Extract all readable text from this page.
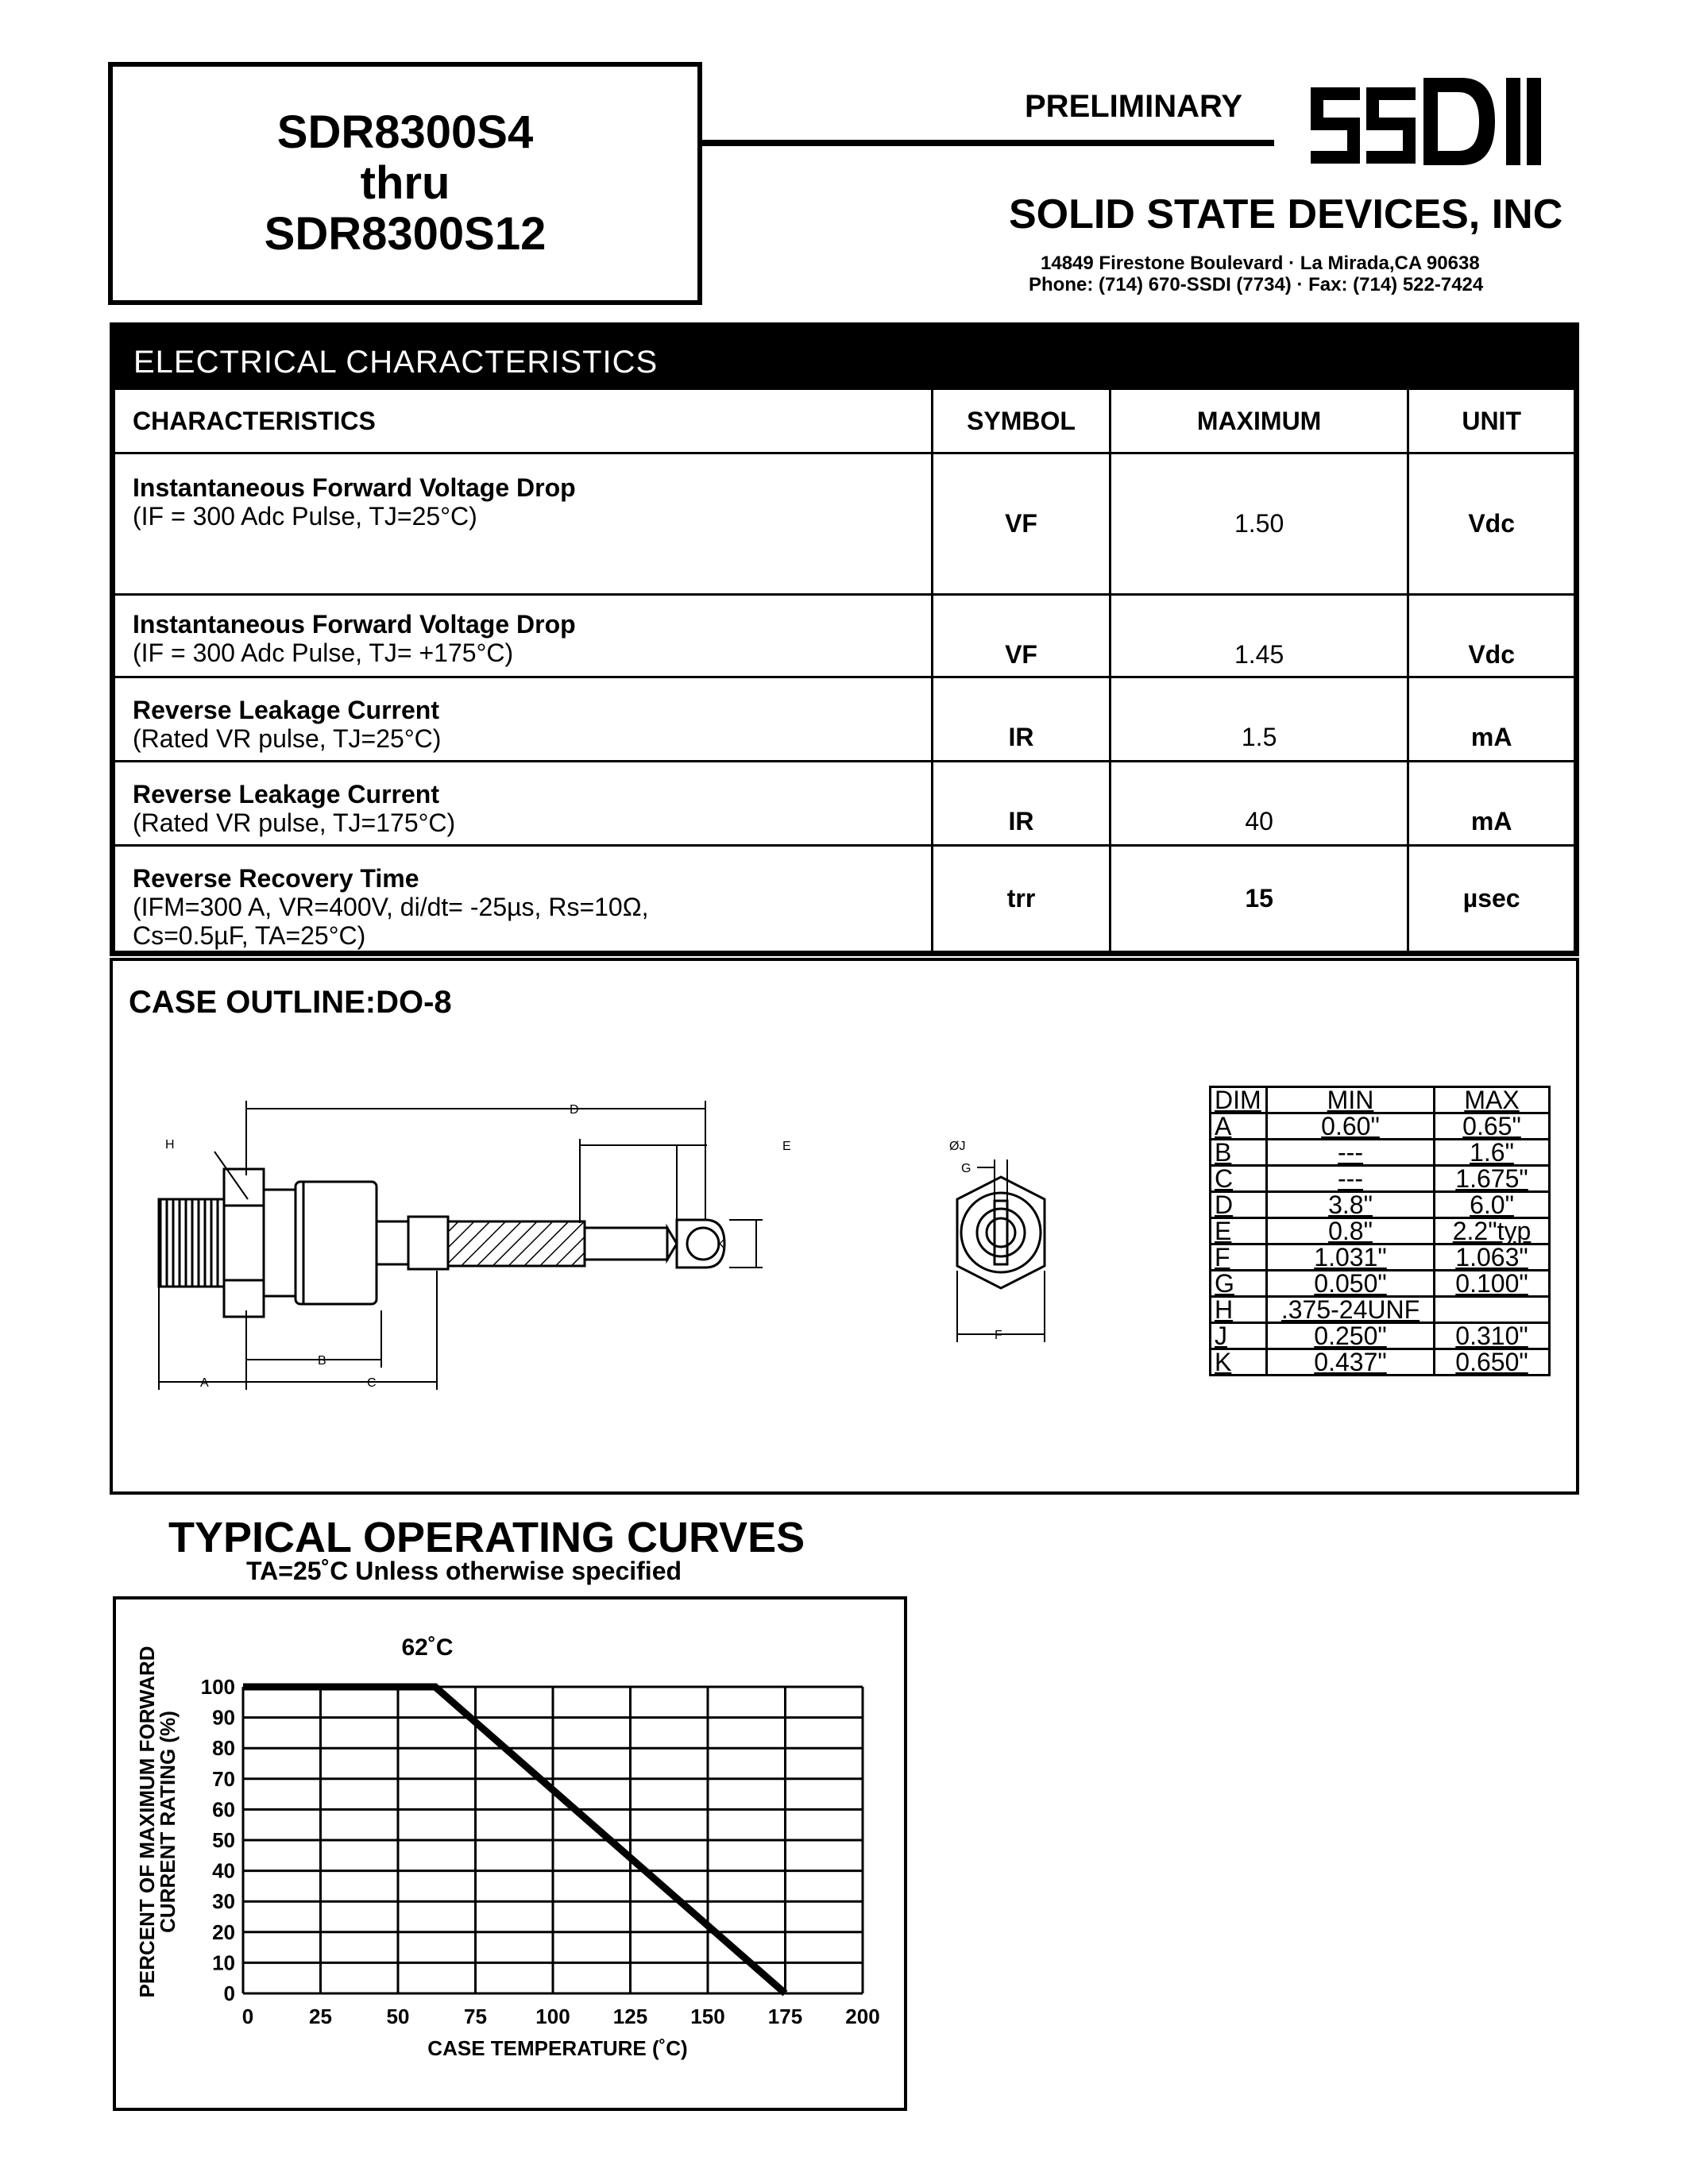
SDR8300S4
thru
SDR8300S12
PRELIMINARY
SOLID STATE DEVICES, INC
14849 Firestone Boulevard · La Mirada,CA 90638
Phone: (714) 670-SSDI (7734) · Fax: (714) 522-7424
ELECTRICAL CHARACTERISTICS
CHARACTERISTICS	SYMBOL	MAXIMUM	UNIT

Instantaneous Forward Voltage Drop
(IF = 300 Adc Pulse, TJ=25°C)	VF	1.50	Vdc

Instantaneous Forward Voltage Drop
(IF = 300 Adc Pulse, TJ= +175°C)	VF	1.45	Vdc

Reverse Leakage Current
(Rated VR pulse, TJ=25°C)	IR	1.5	mA

Reverse Leakage Current
(Rated VR pulse, TJ=175°C)	IR	40	mA

Reverse Recovery Time
(IFM=300 A, VR=400V, di/dt= -25µs, Rs=10Ω,
Cs=0.5µF, TA=25°C)	trr	15	µsec
CASE OUTLINE:DO-8
D
E	ØJ
G
K
H
B
A	C
F
DIM	MIN	MAX
A	0.60"	0.65"
B	---	1.6"
C	---	1.675"
D	3.8"	6.0"
E	0.8"	2.2"typ
F	1.031"	1.063"
G	0.050"	0.100"
H	.375-24UNF	
J	0.250"	0.310"
K	0.437"	0.650"
TYPICAL OPERATING CURVES
TA=25˚C Unless otherwise specified
0
10
20
30
40
50
60
70
80
90
100
0	25	50	75 100 125 150 175 200
62˚C
CASE TEMPERATURE (˚C)
PERCENT OF MAXIMUM FORWARD
CURRENT RATING (%)
